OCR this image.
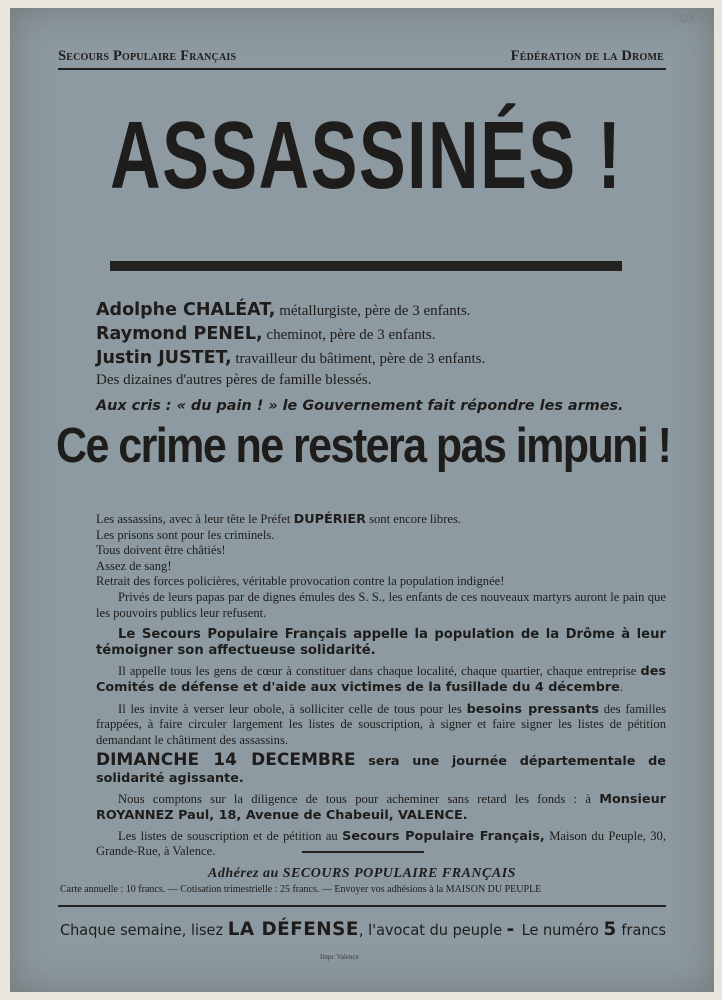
323
Secours Populaire Français	Fédération de la Drome
ASSASSINÉS !
Adolphe CHALÉAT, métallurgiste, père de 3 enfants.
Raymond PENEL, cheminot, père de 3 enfants.
Justin JUSTET, travailleur du bâtiment, père de 3 enfants.
Des dizaines d'autres pères de famille blessés.
Aux cris : « du pain ! » le Gouvernement fait répondre les armes.
Ce crime ne restera pas impuni !
Les assassins, avec à leur tête le Préfet DUPÉRIER sont encore libres.
Les prisons sont pour les criminels.
Tous doivent être châtiés!
Assez de sang!
Retrait des forces policières, véritable provocation contre la population indignée!
Privés de leurs papas par de dignes émules des S. S., les enfants de ces nouveaux martyrs auront le pain que les pouvoirs publics leur refusent.
Le Secours Populaire Français appelle la population de la Drôme à leur témoigner son affectueuse solidarité.
Il appelle tous les gens de cœur à constituer dans chaque localité, chaque quartier, chaque entreprise des Comités de défense et d'aide aux victimes de la fusillade du 4 décembre.
Il les invite à verser leur obole, à solliciter celle de tous pour les besoins pressants des familles frappées, à faire circuler largement les listes de souscription, à signer et faire signer les listes de pétition demandant le châtiment des assassins.
DIMANCHE 14 DECEMBRE sera une journée départementale de solidarité agissante.
Nous comptons sur la diligence de tous pour acheminer sans retard les fonds : à Monsieur ROYANNEZ Paul, 18, Avenue de Chabeuil, VALENCE.
Les listes de souscription et de pétition au Secours Populaire Français, Maison du Peuple, 30, Grande-Rue, à Valence.
Adhérez au SECOURS POPULAIRE FRANÇAIS
Carte annuelle : 10 francs. — Cotisation trimestrielle : 25 francs. — Envoyer vos adhésions à la MAISON DU PEUPLE
Chaque semaine, lisez LA DÉFENSE, l'avocat du peuple - Le numéro 5 francs
Impr. Valence
